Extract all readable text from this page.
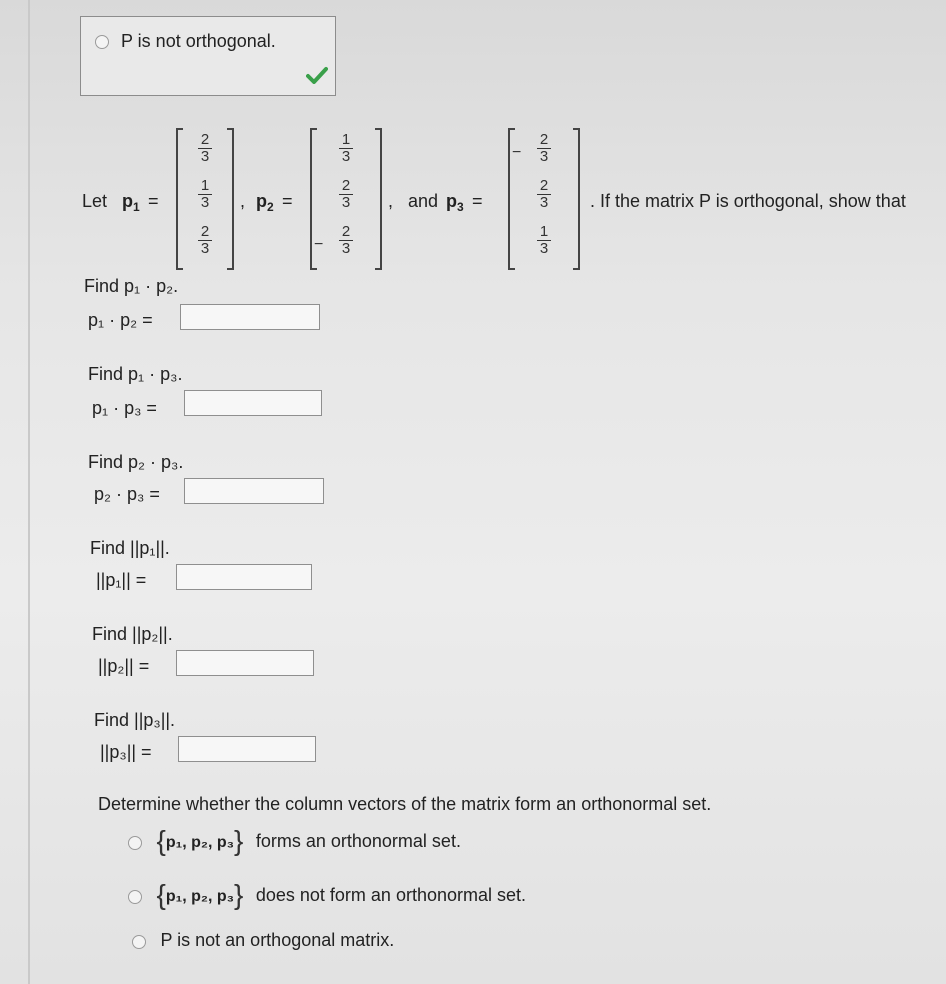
P is not orthogonal.
Let $p_1$ =
2
3
1
3
2
3
, $p_2$ =
1
3
2
3
−
2
3
, and $p_3$ =
−
2
3
2
3
1
3
. If the matrix P is orthogonal, show that
Find p₁ · p₂.
p₁ · p₂ =
Find p₁ · p₃.
p₁ · p₃ =
Find p₂ · p₃.
p₂ · p₃ =
Find ||p₁||.
||p₁|| =
Find ||p₂||.
||p₂|| =
Find ||p₃||.
||p₃|| =
Determine whether the column vectors of the matrix form an orthonormal set.
{p₁, p₂, p₃} forms an orthonormal set.
{p₁, p₂, p₃} does not form an orthonormal set.
P is not an orthogonal matrix.
